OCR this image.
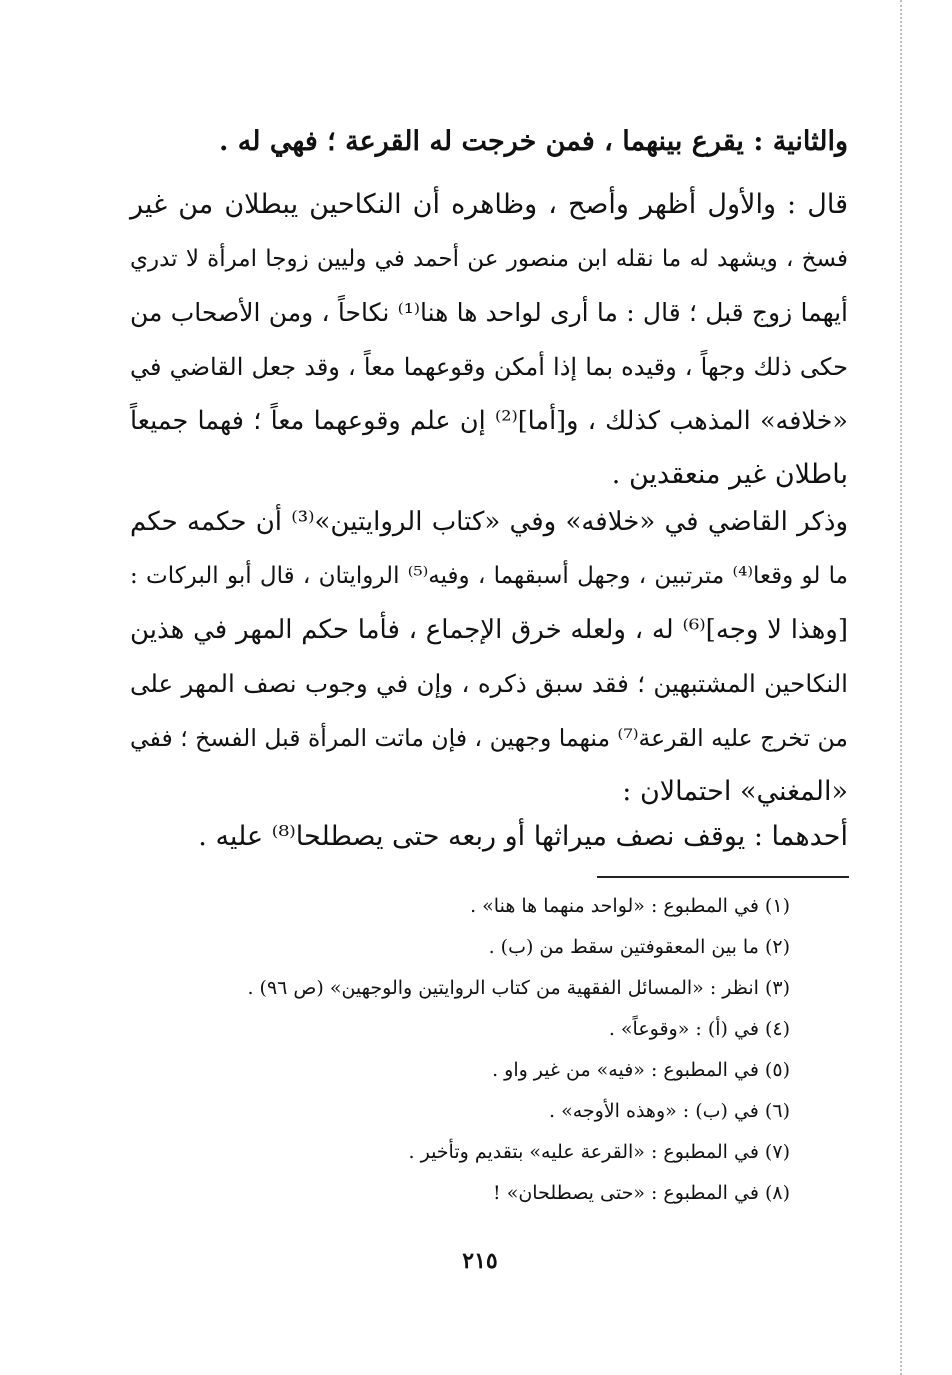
والثانية : يقرع بينهما ، فمن خرجت له القرعة ؛ فهي له .
قال : والأول أظهر وأصح ، وظاهره أن النكاحين يبطلان من غير
فسخ ، ويشهد له ما نقله ابن منصور عن أحمد في وليين زوجا امرأة لا تدري
أيهما زوج قبل ؛ قال : ما أرى لواحد ها هنا⁽¹⁾ نكاحاً ، ومن الأصحاب من
حكى ذلك وجهاً ، وقيده بما إذا أمكن وقوعهما معاً ، وقد جعل القاضي في
«خلافه» المذهب كذلك ، و[أما]⁽²⁾ إن علم وقوعهما معاً ؛ فهما جميعاً
باطلان غير منعقدين .
وذكر القاضي في «خلافه» وفي «كتاب الروايتين»⁽³⁾ أن حكمه حكم
ما لو وقعا⁽⁴⁾ مترتبين ، وجهل أسبقهما ، وفيه⁽⁵⁾ الروايتان ، قال أبو البركات :
[وهذا لا وجه]⁽⁶⁾ له ، ولعله خرق الإجماع ، فأما حكم المهر في هذين
النكاحين المشتبهين ؛ فقد سبق ذكره ، وإن في وجوب نصف المهر على
من تخرج عليه القرعة⁽⁷⁾ منهما وجهين ، فإن ماتت المرأة قبل الفسخ ؛ ففي
«المغني» احتمالان :
أحدهما : يوقف نصف ميراثها أو ربعه حتى يصطلحا⁽⁸⁾ عليه .
(١) في المطبوع : «لواحد منهما ها هنا» .
(٢) ما بين المعقوفتين سقط من (ب) .
(٣) انظر : «المسائل الفقهية من كتاب الروايتين والوجهين» (ص ٩٦) .
(٤) في (أ) : «وقوعاً» .
(٥) في المطبوع : «فيه» من غير واو .
(٦) في (ب) : «وهذه الأوجه» .
(٧) في المطبوع : «القرعة عليه» بتقديم وتأخير .
(٨) في المطبوع : «حتى يصطلحان» !
٢١٥
